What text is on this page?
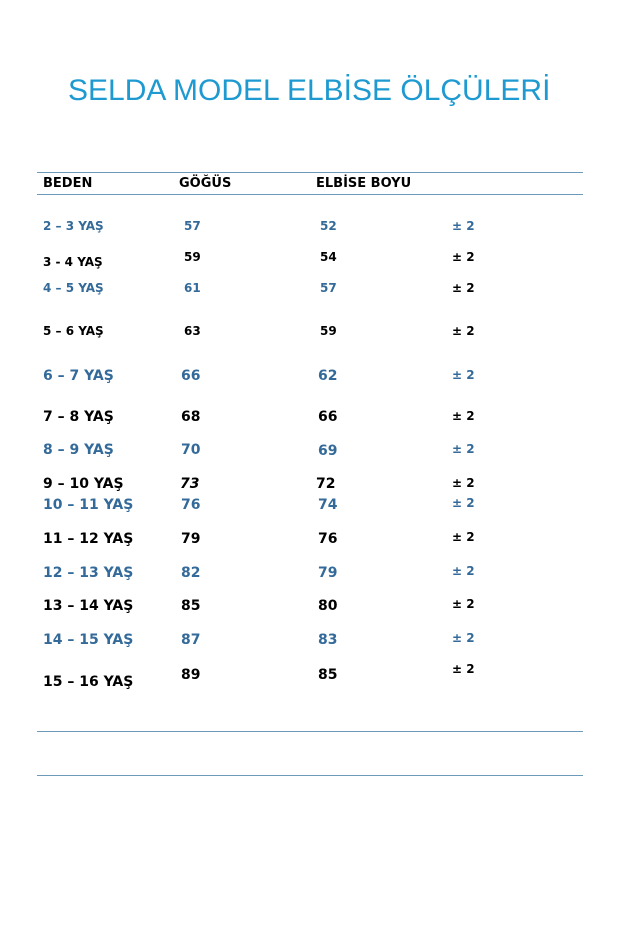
SELDA MODEL ELBİSE ÖLÇÜLERİ
BEDEN	GÖĞÜS	ELBİSE BOYU
2 – 3 YAŞ	57	52	± 2
3 - 4 YAŞ	59	54	± 2
4 – 5 YAŞ	61	57	± 2
5 – 6 YAŞ	63	59	± 2
6 – 7 YAŞ	66	62	± 2
7 – 8 YAŞ	68	66	± 2
8 – 9 YAŞ	70	69	± 2
9 – 10 YAŞ	73	72	± 2
10 – 11 YAŞ	76	74	± 2
11 – 12 YAŞ	79	76	± 2
12 – 13 YAŞ	82	79	± 2
13 – 14 YAŞ	85	80	± 2
14 – 15 YAŞ	87	83	± 2
15 – 16 YAŞ	89	85	± 2
